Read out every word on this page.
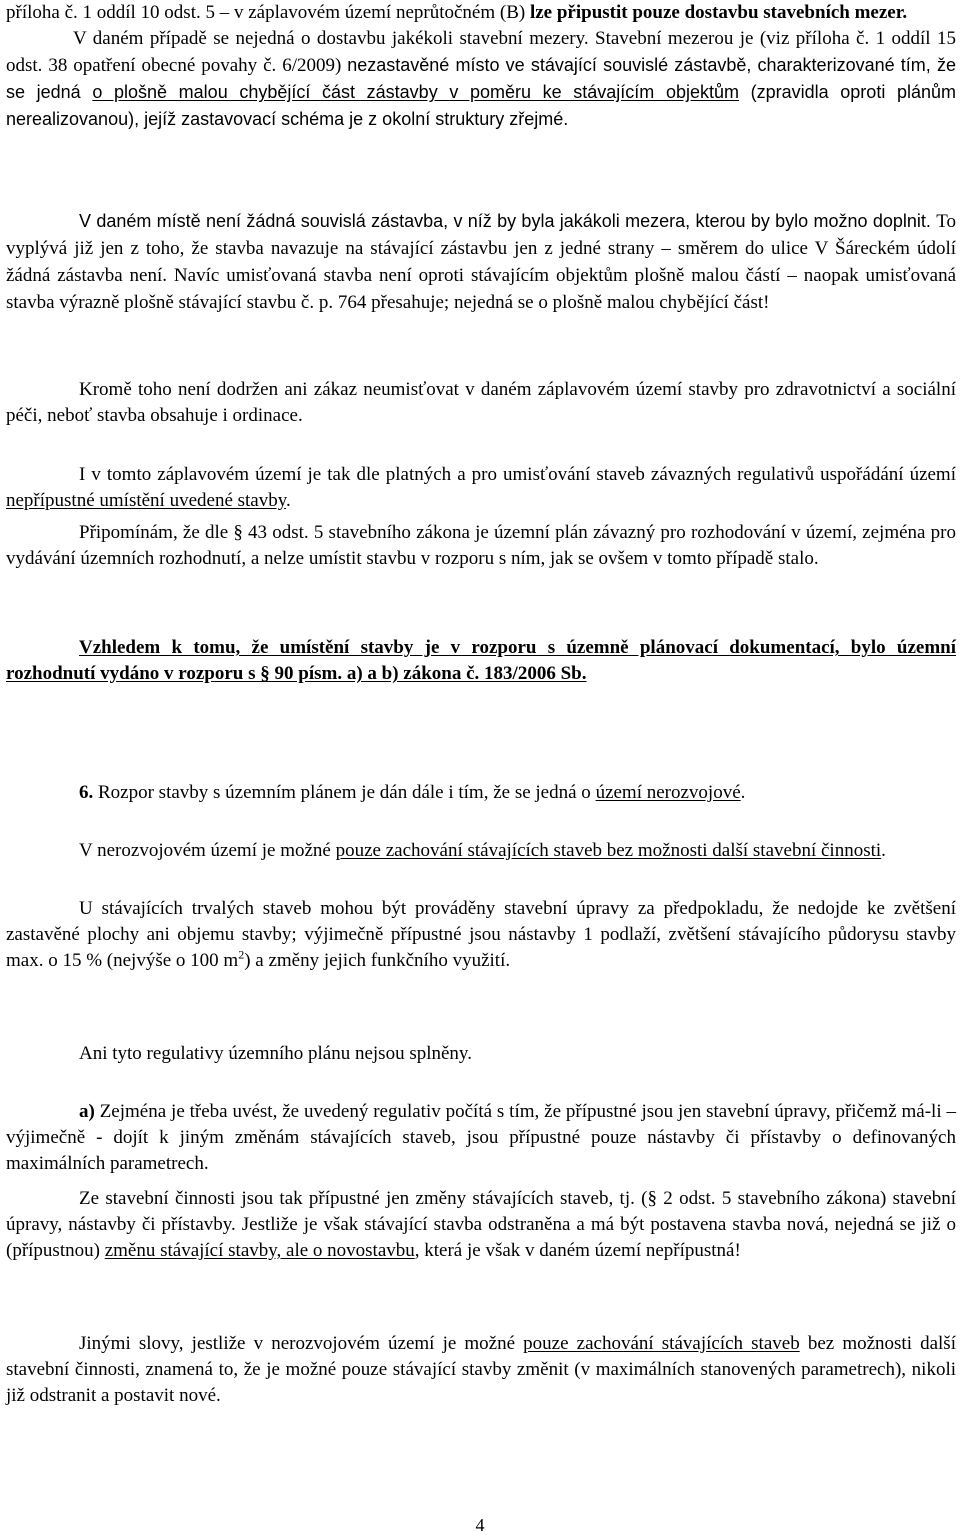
příloha č. 1 oddíl 10 odst. 5 – v záplavovém území neprůtočném (B) lze připustit pouze dostavbu stavebních mezer.
V daném případě se nejedná o dostavbu jakékoli stavební mezery. Stavební mezerou je (viz příloha č. 1 oddíl 15 odst. 38 opatření obecné povahy č. 6/2009) nezastavěné místo ve stávající souvislé zástavbě, charakterizované tím, že se jedná o plošně malou chybějící část zástavby v poměru ke stávajícím objektům (zpravidla oproti plánům nerealizovanou), jejíž zastavovací schéma je z okolní struktury zřejmé.

V daném místě není žádná souvislá zástavba, v níž by byla jakákoli mezera, kterou by bylo možno doplnit. To vyplývá již jen z toho, že stavba navazuje na stávající zástavbu jen z jedné strany – směrem do ulice V Šáreckém údolí žádná zástavba není. Navíc umisťovaná stavba není oproti stávajícím objektům plošně malou částí – naopak umisťovaná stavba výrazně plošně stávající stavbu č. p. 764 přesahuje; nejedná se o plošně malou chybějící část!

Kromě toho není dodržen ani zákaz neumisťovat v daném záplavovém území stavby pro zdravotnictví a sociální péči, neboť stavba obsahuje i ordinace.

I v tomto záplavovém území je tak dle platných a pro umisťování staveb závazných regulativů uspořádání území nepřípustné umístění uvedené stavby.

Připomínám, že dle § 43 odst. 5 stavebního zákona je územní plán závazný pro rozhodování v území, zejména pro vydávání územních rozhodnutí, a nelze umístit stavbu v rozporu s ním, jak se ovšem v tomto případě stalo.

Vzhledem k tomu, že umístění stavby je v rozporu s územně plánovací dokumentací, bylo územní rozhodnutí vydáno v rozporu s § 90 písm. a) a b) zákona č. 183/2006 Sb.

6. Rozpor stavby s územním plánem je dán dále i tím, že se jedná o území nerozvojové.

V nerozvojovém území je možné pouze zachování stávajících staveb bez možnosti další stavební činnosti.

U stávajících trvalých staveb mohou být prováděny stavební úpravy za předpokladu, že nedojde ke zvětšení zastavěné plochy ani objemu stavby; výjimečně přípustné jsou nástavby 1 podlaží, zvětšení stávajícího půdorysu stavby max. o 15 % (nejvýše o 100 $m^2$) a změny jejich funkčního využití.

Ani tyto regulativy územního plánu nejsou splněny.

a) Zejména je třeba uvést, že uvedený regulativ počítá s tím, že přípustné jsou jen stavební úpravy, přičemž má-li – výjimečně - dojít k jiným změnám stávajících staveb, jsou přípustné pouze nástavby či přístavby o definovaných maximálních parametrech.

Ze stavební činnosti jsou tak přípustné jen změny stávajících staveb, tj. (§ 2 odst. 5 stavebního zákona) stavební úpravy, nástavby či přístavby. Jestliže je však stávající stavba odstraněna a má být postavena stavba nová, nejedná se již o (přípustnou) změnu stávající stavby, ale o novostavbu, která je však v daném území nepřípustná!

Jinými slovy, jestliže v nerozvojovém území je možné pouze zachování stávajících staveb bez možnosti další stavební činnosti, znamená to, že je možné pouze stávající stavby změnit (v maximálních stanovených parametrech), nikoli již odstranit a postavit nové.

4
